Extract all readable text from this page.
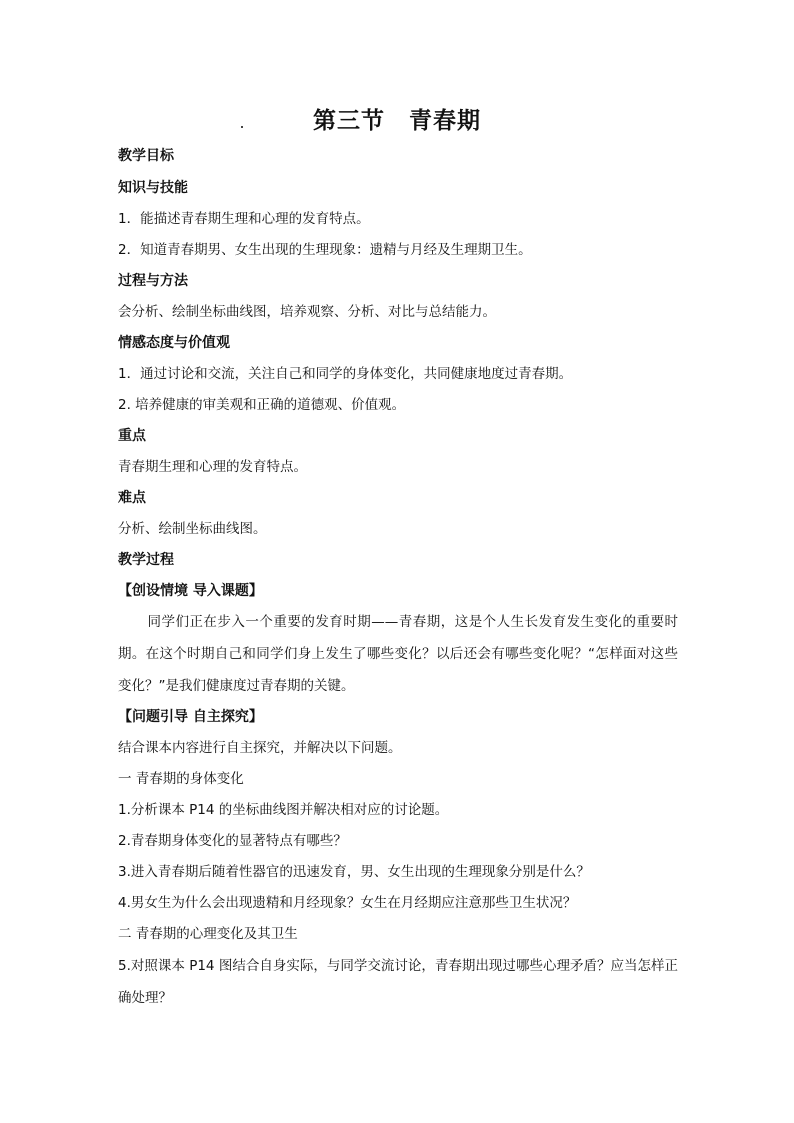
第三节 青春期
教学目标
知识与技能
1．能描述青春期生理和心理的发育特点。
2．知道青春期男、女生出现的生理现象：遗精与月经及生理期卫生。
过程与方法
会分析、绘制坐标曲线图，培养观察、分析、对比与总结能力。
情感态度与价值观
1．通过讨论和交流，关注自己和同学的身体变化，共同健康地度过青春期。
2. 培养健康的审美观和正确的道德观、价值观。
重点
青春期生理和心理的发育特点。
难点
分析、绘制坐标曲线图。
教学过程
【创设情境 导入课题】
同学们正在步入一个重要的发育时期——青春期，这是个人生长发育发生变化的重要时期。在这个时期自己和同学们身上发生了哪些变化？以后还会有哪些变化呢？“怎样面对这些变化？”是我们健康度过青春期的关键。
【问题引导 自主探究】
结合课本内容进行自主探究，并解决以下问题。
一 青春期的身体变化
1.分析课本 P14 的坐标曲线图并解决相对应的讨论题。
2.青春期身体变化的显著特点有哪些？
3.进入青春期后随着性器官的迅速发育，男、女生出现的生理现象分别是什么？
4.男女生为什么会出现遗精和月经现象？女生在月经期应注意那些卫生状况？
二 青春期的心理变化及其卫生
5.对照课本 P14 图结合自身实际，与同学交流讨论，青春期出现过哪些心理矛盾？应当怎样正确处理？
